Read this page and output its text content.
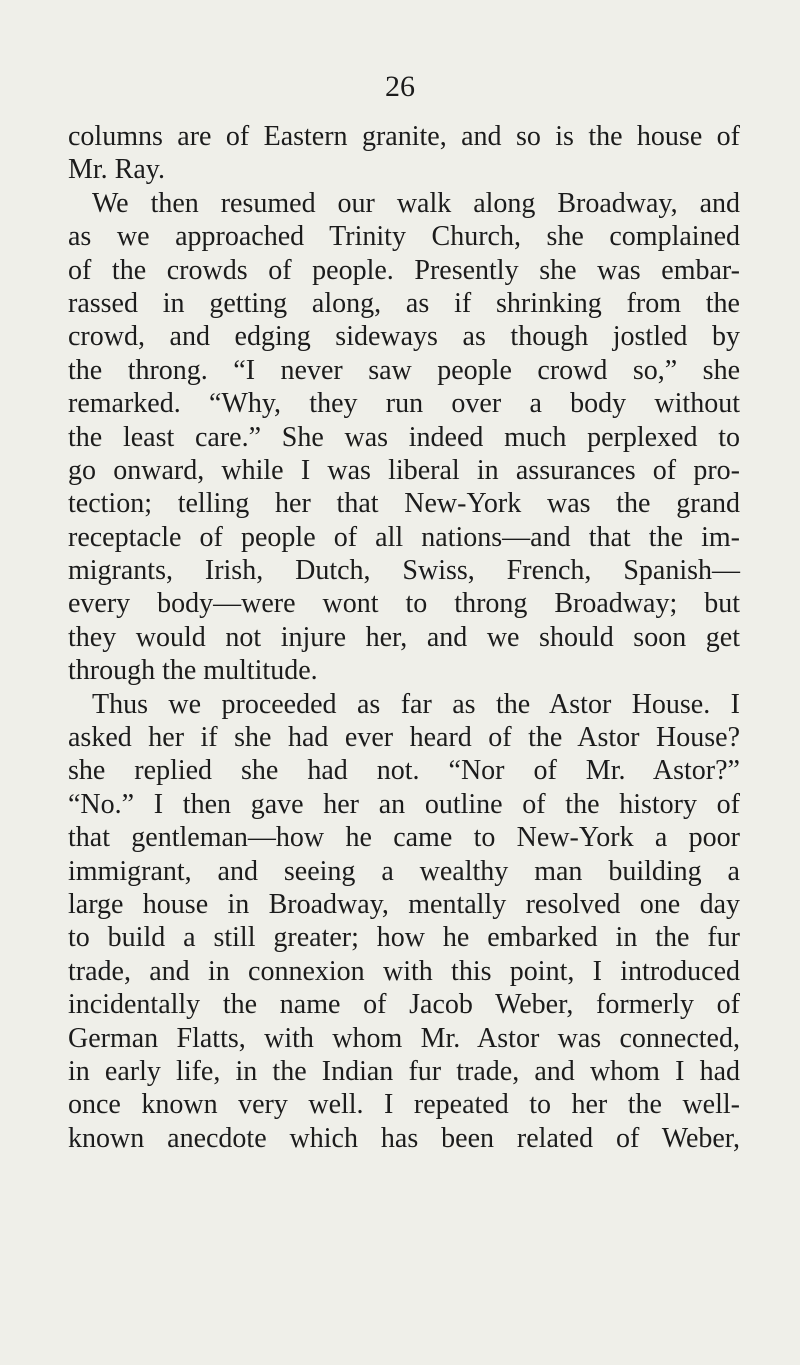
26
columns are of Eastern granite, and so is the house of
Mr. Ray.
We then resumed our walk along Broadway, and
as we approached Trinity Church, she complained
of the crowds of people. Presently she was embar-
rassed in getting along, as if shrinking from the
crowd, and edging sideways as though jostled by
the throng. “I never saw people crowd so,” she
remarked. “Why, they run over a body without
the least care.” She was indeed much perplexed to
go onward, while I was liberal in assurances of pro-
tection; telling her that New-York was the grand
receptacle of people of all nations—and that the im-
migrants, Irish, Dutch, Swiss, French, Spanish—
every body—were wont to throng Broadway; but
they would not injure her, and we should soon get
through the multitude.
Thus we proceeded as far as the Astor House. I
asked her if she had ever heard of the Astor House?
she replied she had not. “Nor of Mr. Astor?”
“No.” I then gave her an outline of the history of
that gentleman—how he came to New-York a poor
immigrant, and seeing a wealthy man building a
large house in Broadway, mentally resolved one day
to build a still greater; how he embarked in the fur
trade, and in connexion with this point, I introduced
incidentally the name of Jacob Weber, formerly of
German Flatts, with whom Mr. Astor was connected,
in early life, in the Indian fur trade, and whom I had
once known very well. I repeated to her the well-
known anecdote which has been related of Weber,
